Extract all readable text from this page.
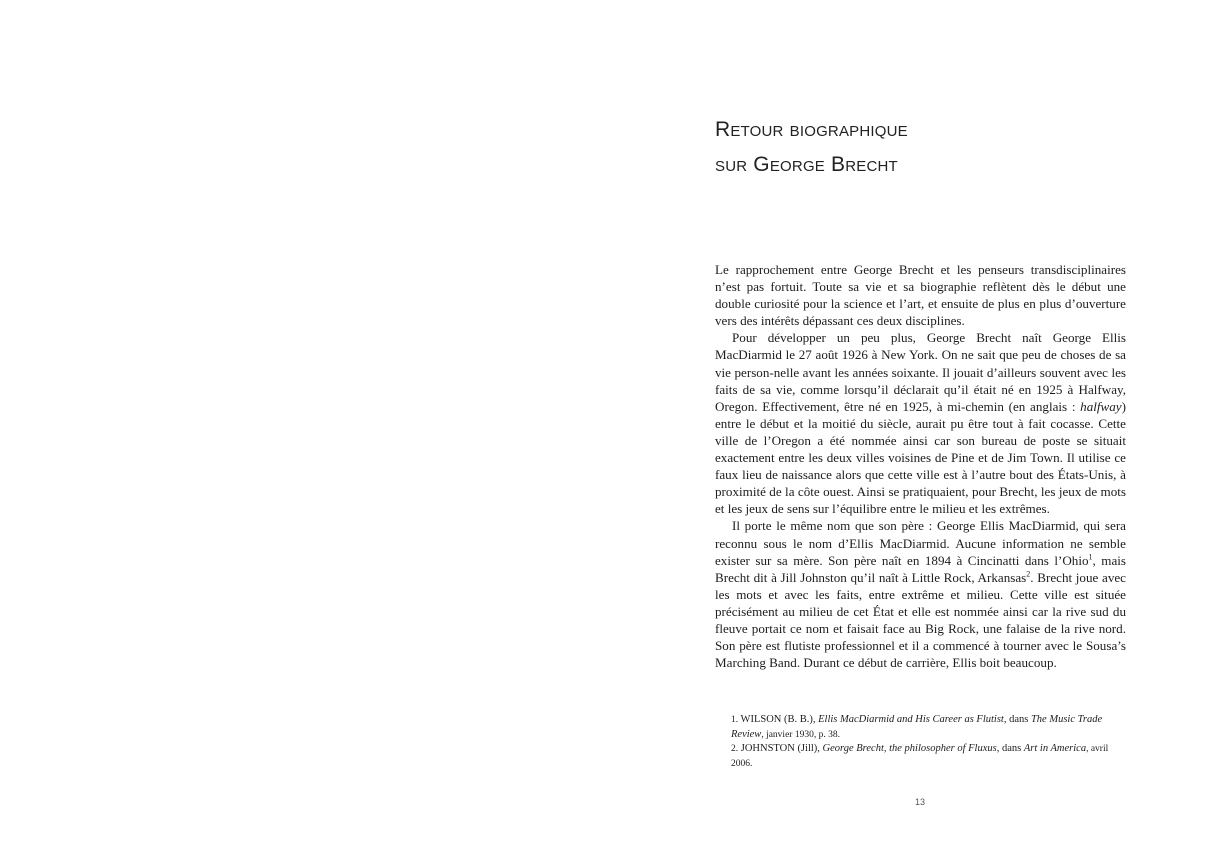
Retour biographique
sur George Brecht

Le rapprochement entre George Brecht et les penseurs transdisciplinaires n’est pas fortuit. Toute sa vie et sa biographie reflètent dès le début une double curiosité pour la science et l’art, et ensuite de plus en plus d’ouverture vers des intérêts dépassant ces deux disciplines.

Pour développer un peu plus, George Brecht naît George Ellis MacDiarmid le 27 août 1926 à New York. On ne sait que peu de choses de sa vie person-nelle avant les années soixante. Il jouait d’ailleurs souvent avec les faits de sa vie, comme lorsqu’il déclarait qu’il était né en 1925 à Halfway, Oregon. Effectivement, être né en 1925, à mi-chemin (en anglais : halfway) entre le début et la moitié du siècle, aurait pu être tout à fait cocasse. Cette ville de l’Oregon a été nommée ainsi car son bureau de poste se situait exactement entre les deux villes voisines de Pine et de Jim Town. Il utilise ce faux lieu de naissance alors que cette ville est à l’autre bout des États-Unis, à proximité de la côte ouest. Ainsi se pratiquaient, pour Brecht, les jeux de mots et les jeux de sens sur l’équilibre entre le milieu et les extrêmes.

Il porte le même nom que son père : George Ellis MacDiarmid, qui sera reconnu sous le nom d’Ellis MacDiarmid. Aucune information ne semble exister sur sa mère. Son père naît en 1894 à Cincinatti dans l’Ohio$^1$, mais Brecht dit à Jill Johnston qu’il naît à Little Rock, Arkansas$^2$. Brecht joue avec les mots et avec les faits, entre extrême et milieu. Cette ville est située précisément au milieu de cet État et elle est nommée ainsi car la rive sud du fleuve portait ce nom et faisait face au Big Rock, une falaise de la rive nord. Son père est flutiste professionnel et il a commencé à tourner avec le Sousa’s Marching Band. Durant ce début de carrière, Ellis boit beaucoup.

1. WILSON (B. B.), Ellis MacDiarmid and His Career as Flutist, dans The Music Trade Review, janvier 1930, p. 38.

2. JOHNSTON (Jill), George Brecht, the philosopher of Fluxus, dans Art in America, avril 2006.

13
